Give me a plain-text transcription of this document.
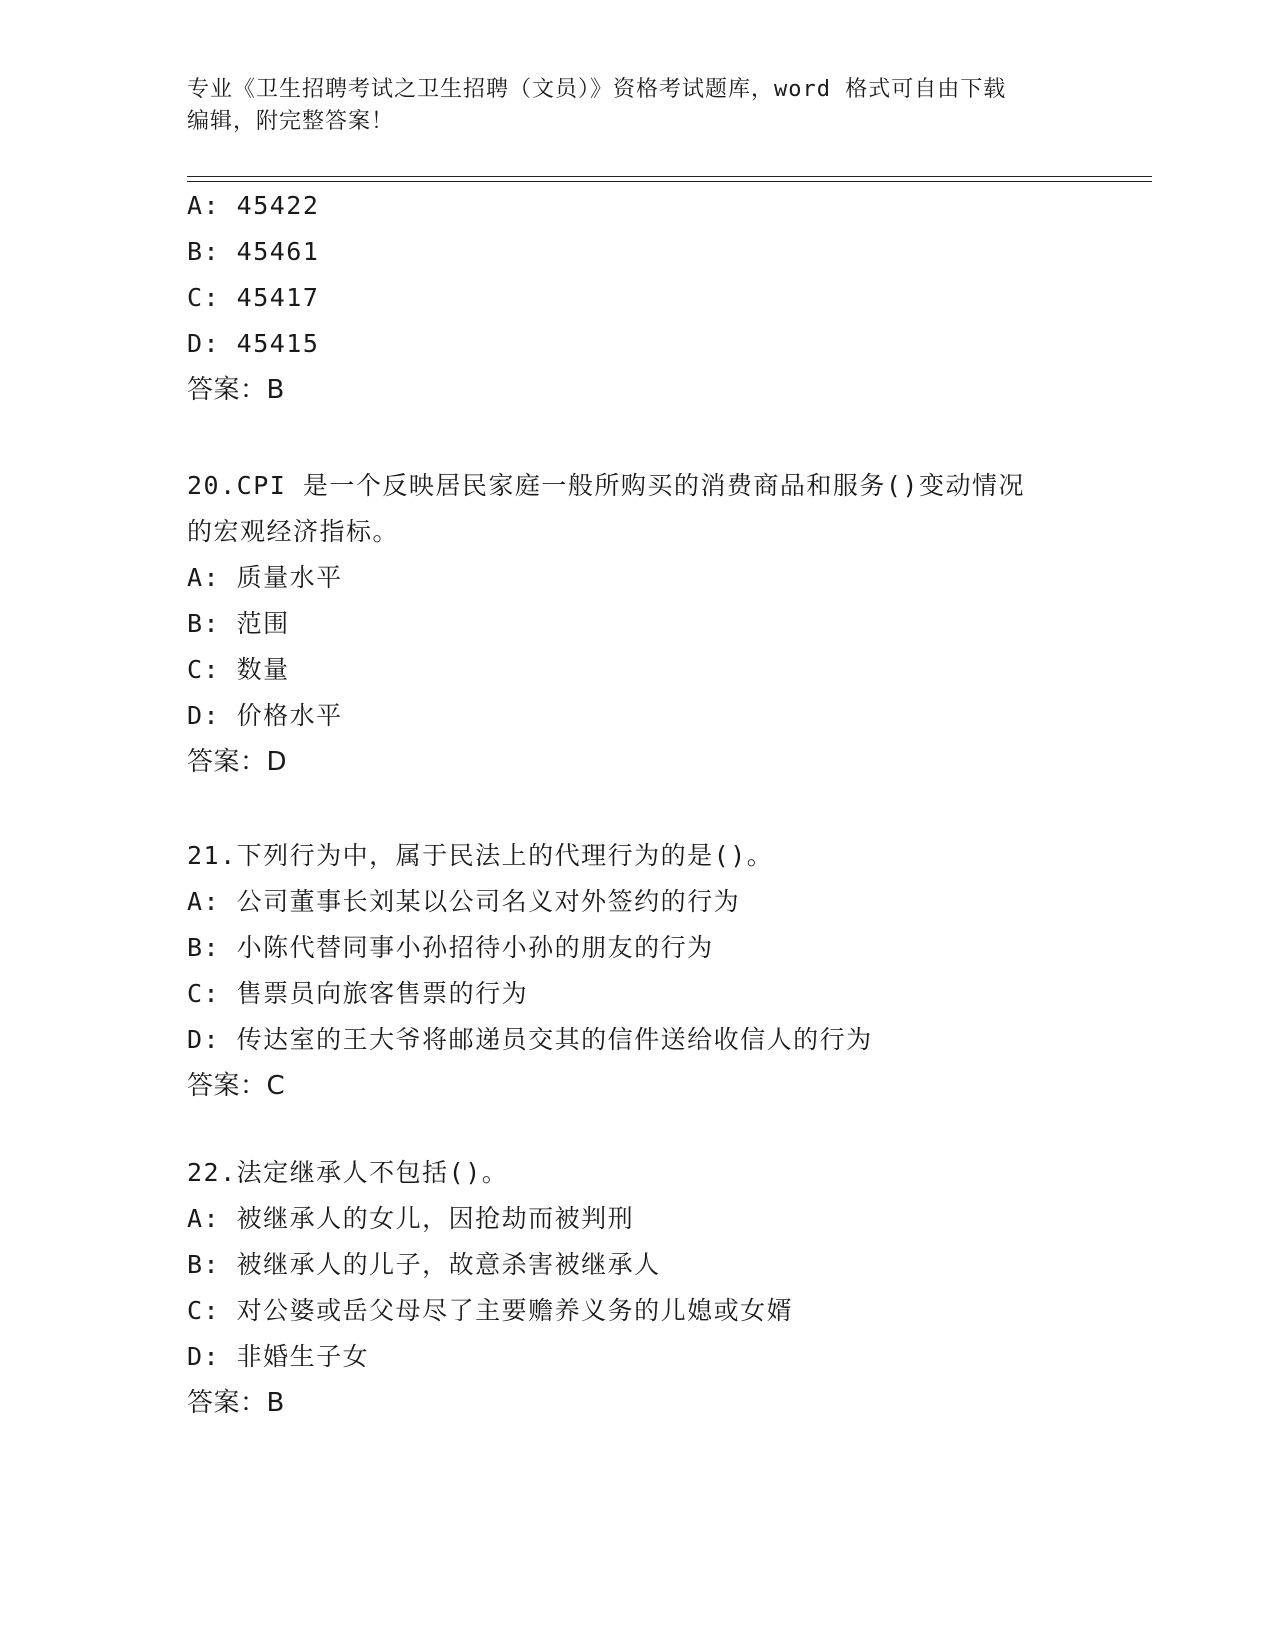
专业《卫生招聘考试之卫生招聘（文员）》资格考试题库，word 格式可自由下载
编辑，附完整答案！
A: 45422
B: 45461
C: 45417
D: 45415
答案：B
20.CPI 是一个反映居民家庭一般所购买的消费商品和服务()变动情况
的宏观经济指标。
A: 质量水平
B: 范围
C: 数量
D: 价格水平
答案：D
21.下列行为中，属于民法上的代理行为的是()。
A: 公司董事长刘某以公司名义对外签约的行为
B: 小陈代替同事小孙招待小孙的朋友的行为
C: 售票员向旅客售票的行为
D: 传达室的王大爷将邮递员交其的信件送给收信人的行为
答案：C
22.法定继承人不包括()。
A: 被继承人的女儿，因抢劫而被判刑
B: 被继承人的儿子，故意杀害被继承人
C: 对公婆或岳父母尽了主要赡养义务的儿媳或女婿
D: 非婚生子女
答案：B
